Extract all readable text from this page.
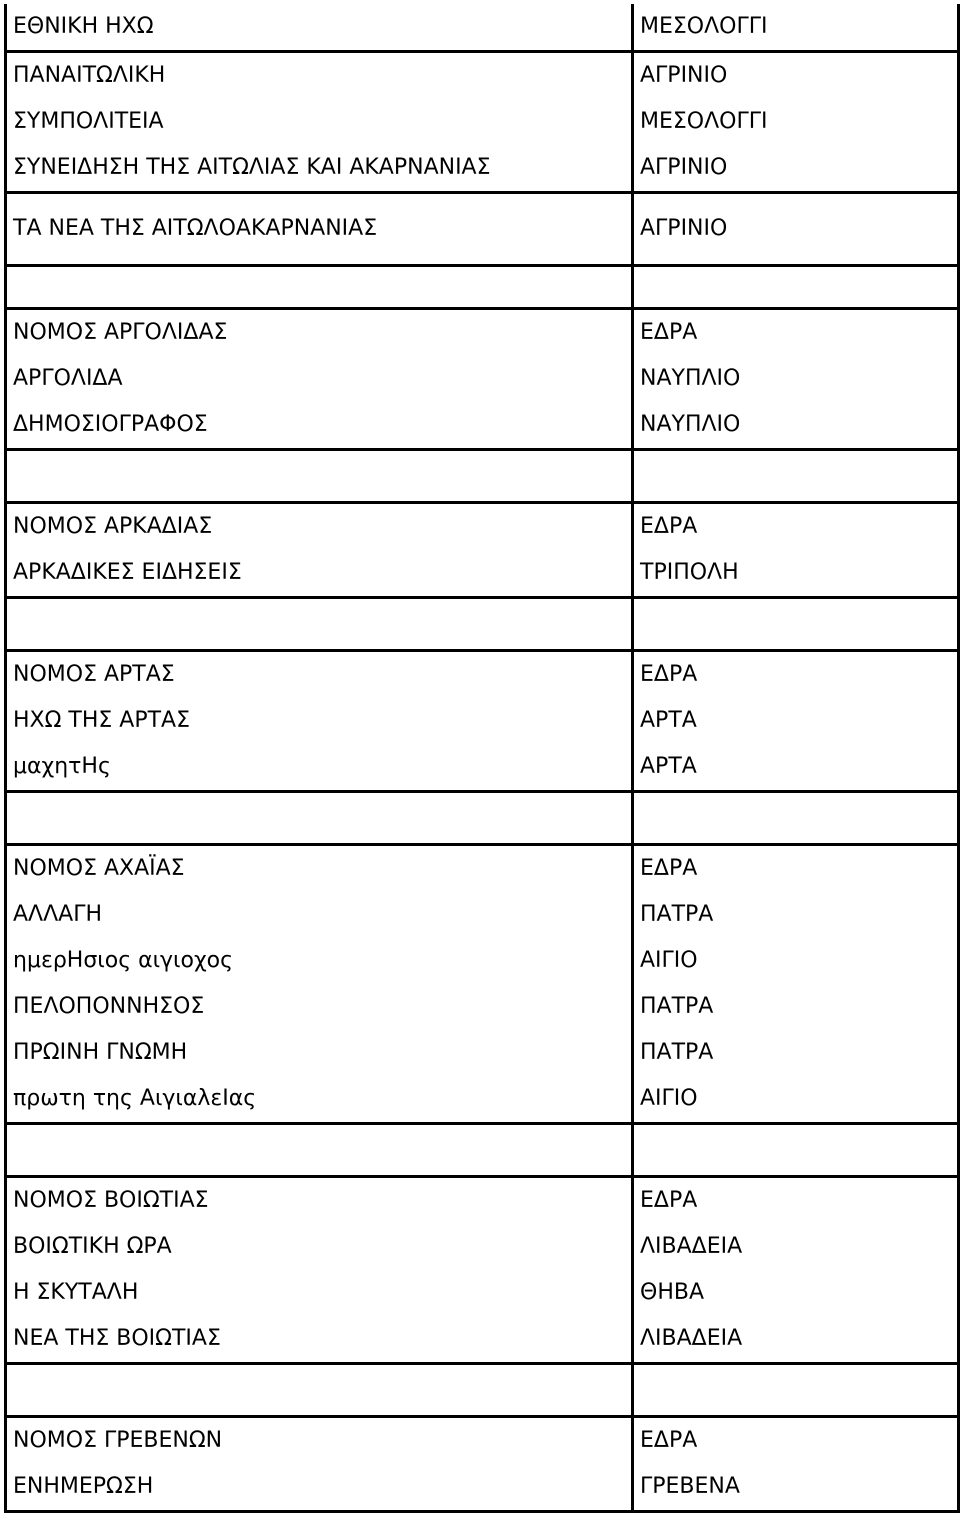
ΕΘΝΙΚΗ ΗΧΩ	ΜΕΣΟΛΟΓΓΙ
ΠΑΝΑΙΤΩΛΙΚΗ	ΑΓΡΙΝΙΟ
ΣΥΜΠΟΛΙΤΕΙΑ	ΜΕΣΟΛΟΓΓΙ
ΣΥΝΕΙΔΗΣΗ ΤΗΣ ΑΙΤΩΛΙΑΣ ΚΑΙ ΑΚΑΡΝΑΝΙΑΣ	ΑΓΡΙΝΙΟ
ΤΑ ΝΕΑ ΤΗΣ ΑΙΤΩΛΟΑΚΑΡΝΑΝΙΑΣ	ΑΓΡΙΝΙΟ

ΝΟΜΟΣ ΑΡΓΟΛΙΔΑΣ	ΕΔΡΑ
ΑΡΓΟΛΙΔΑ	ΝΑΥΠΛΙΟ
ΔΗΜΟΣΙΟΓΡΑΦΟΣ	ΝΑΥΠΛΙΟ

ΝΟΜΟΣ ΑΡΚΑΔΙΑΣ	ΕΔΡΑ
ΑΡΚΑΔΙΚΕΣ ΕΙΔΗΣΕΙΣ	ΤΡΙΠΟΛΗ

ΝΟΜΟΣ ΑΡΤΑΣ	ΕΔΡΑ
ΗΧΩ ΤΗΣ ΑΡΤΑΣ	ΑΡΤΑ
μαχητΗς	ΑΡΤΑ

ΝΟΜΟΣ ΑΧΑΪΑΣ	ΕΔΡΑ
ΑΛΛΑΓΗ	ΠΑΤΡΑ
ημερΗσιος αιγιοχος	ΑΙΓΙΟ
ΠΕΛΟΠΟΝΝΗΣΟΣ	ΠΑΤΡΑ
ΠΡΩΙΝΗ ΓΝΩΜΗ	ΠΑΤΡΑ
πρωτη της ΑιγιαλεΙας	ΑΙΓΙΟ

ΝΟΜΟΣ ΒΟΙΩΤΙΑΣ	ΕΔΡΑ
ΒΟΙΩΤΙΚΗ ΩΡΑ	ΛΙΒΑΔΕΙΑ
Η ΣΚΥΤΑΛΗ	ΘΗΒΑ
ΝΕΑ ΤΗΣ ΒΟΙΩΤΙΑΣ	ΛΙΒΑΔΕΙΑ

ΝΟΜΟΣ ΓΡΕΒΕΝΩΝ	ΕΔΡΑ
ΕΝΗΜΕΡΩΣΗ	ΓΡΕΒΕΝΑ
